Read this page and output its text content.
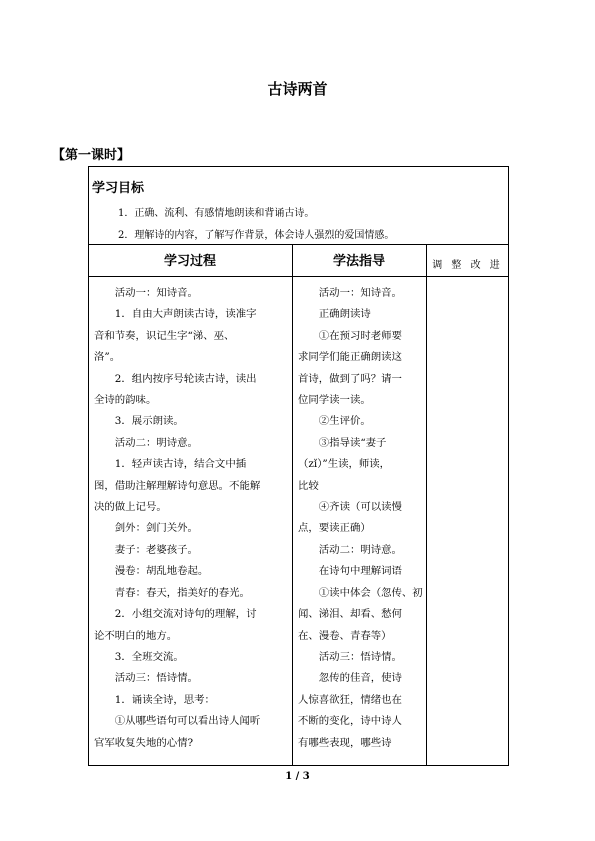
古诗两首
【第一课时】
学习目标
1．正确、流利、有感情地朗读和背诵古诗。
2．理解诗的内容，了解写作背景，体会诗人强烈的爱国情感。
学习过程	学法指导	调 整 改 进

活动一：知诗音。

1．自由大声朗读古诗，读准字

音和节奏，识记生字“涕、巫、

洛”。

2．组内按序号轮读古诗，读出

全诗的韵味。

3．展示朗读。

活动二：明诗意。

1．轻声读古诗，结合文中插

图，借助注解理解诗句意思。不能解

决的做上记号。

剑外：剑门关外。

妻子：老婆孩子。

漫卷：胡乱地卷起。

青春：春天，指美好的春光。

2．小组交流对诗句的理解，讨

论不明白的地方。

3．全班交流。

活动三：悟诗情。

1．诵读全诗，思考：

①从哪些语句可以看出诗人闻听

官军收复失地的心情?

活动一：知诗音。

正确朗读诗

①在预习时老师要

求同学们能正确朗读这

首诗，做到了吗？请一

位同学读一读。

②生评价。

③指导读“妻子

（zǐ）”生读，师读，

比较

④齐读（可以读慢

点，要读正确）

活动二：明诗意。

在诗句中理解词语

①读中体会（忽传、初

闻、涕泪、却看、愁何

在、漫卷、青春等）

活动三：悟诗情。

忽传的佳音，使诗

人惊喜欲狂，情绪也在

不断的变化，诗中诗人

有哪些表现，哪些诗

1 / 3
